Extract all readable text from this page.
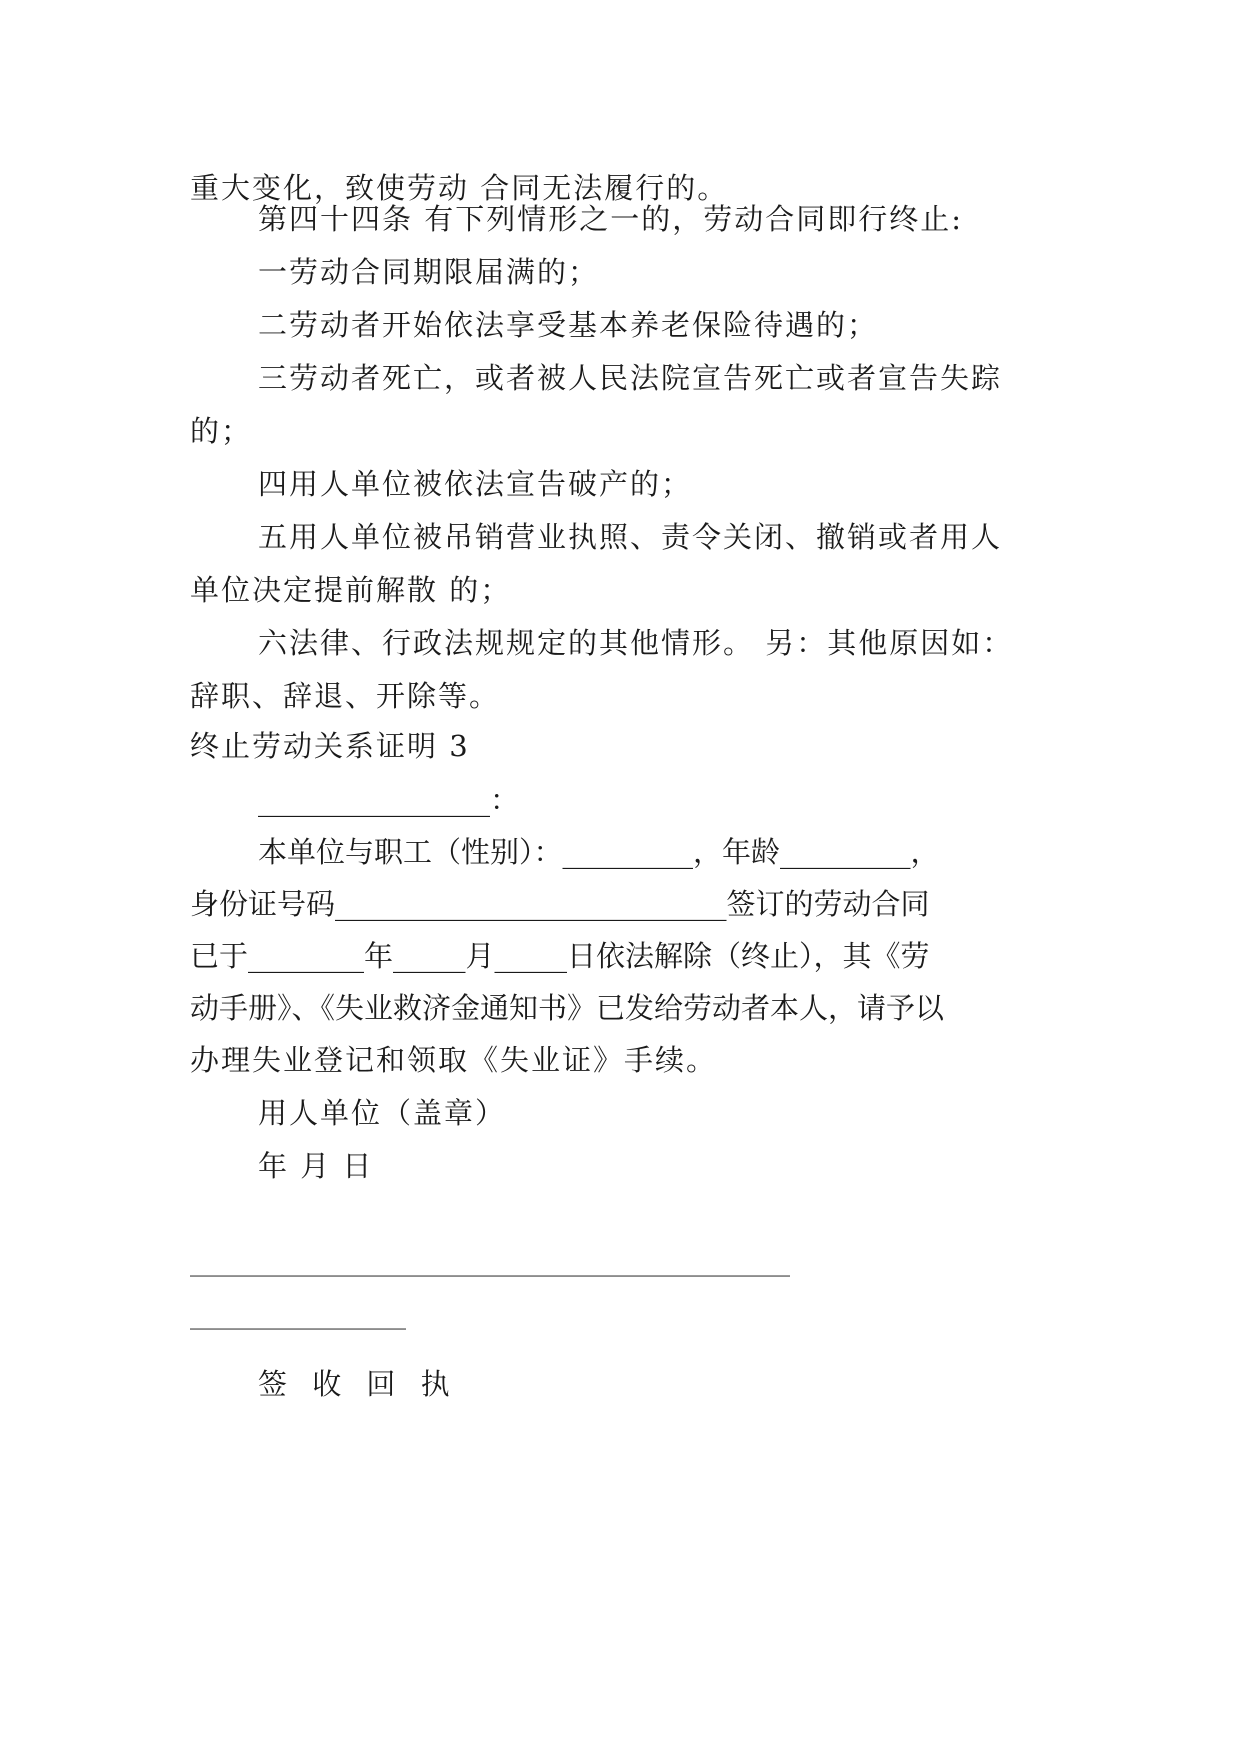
重大变化，致使劳动 合同无法履行的。
第四十四条 有下列情形之一的，劳动合同即行终止:
一劳动合同期限届满的；
二劳动者开始依法享受基本养老保险待遇的；
三劳动者死亡，或者被人民法院宣告死亡或者宣告失踪
的；
四用人单位被依法宣告破产的；
五用人单位被吊销营业执照、责令关闭、撤销或者用人
单位决定提前解散 的；
六法律、行政法规规定的其他情形。 另：其他原因如：
辞职、辞退、开除等。
终止劳动关系证明 3
________________：
本单位与职工（性别）：_________，年龄_________，
身份证号码___________________________签订的劳动合同
已于________年_____月_____日依法解除（终止），其《劳
动手册》、《失业救济金通知书》已发给劳动者本人，请予以
办理失业登记和领取《失业证》手续。
用人单位（盖章）
年 月 日
__________________________________________________
__________________
签 收 回 执
